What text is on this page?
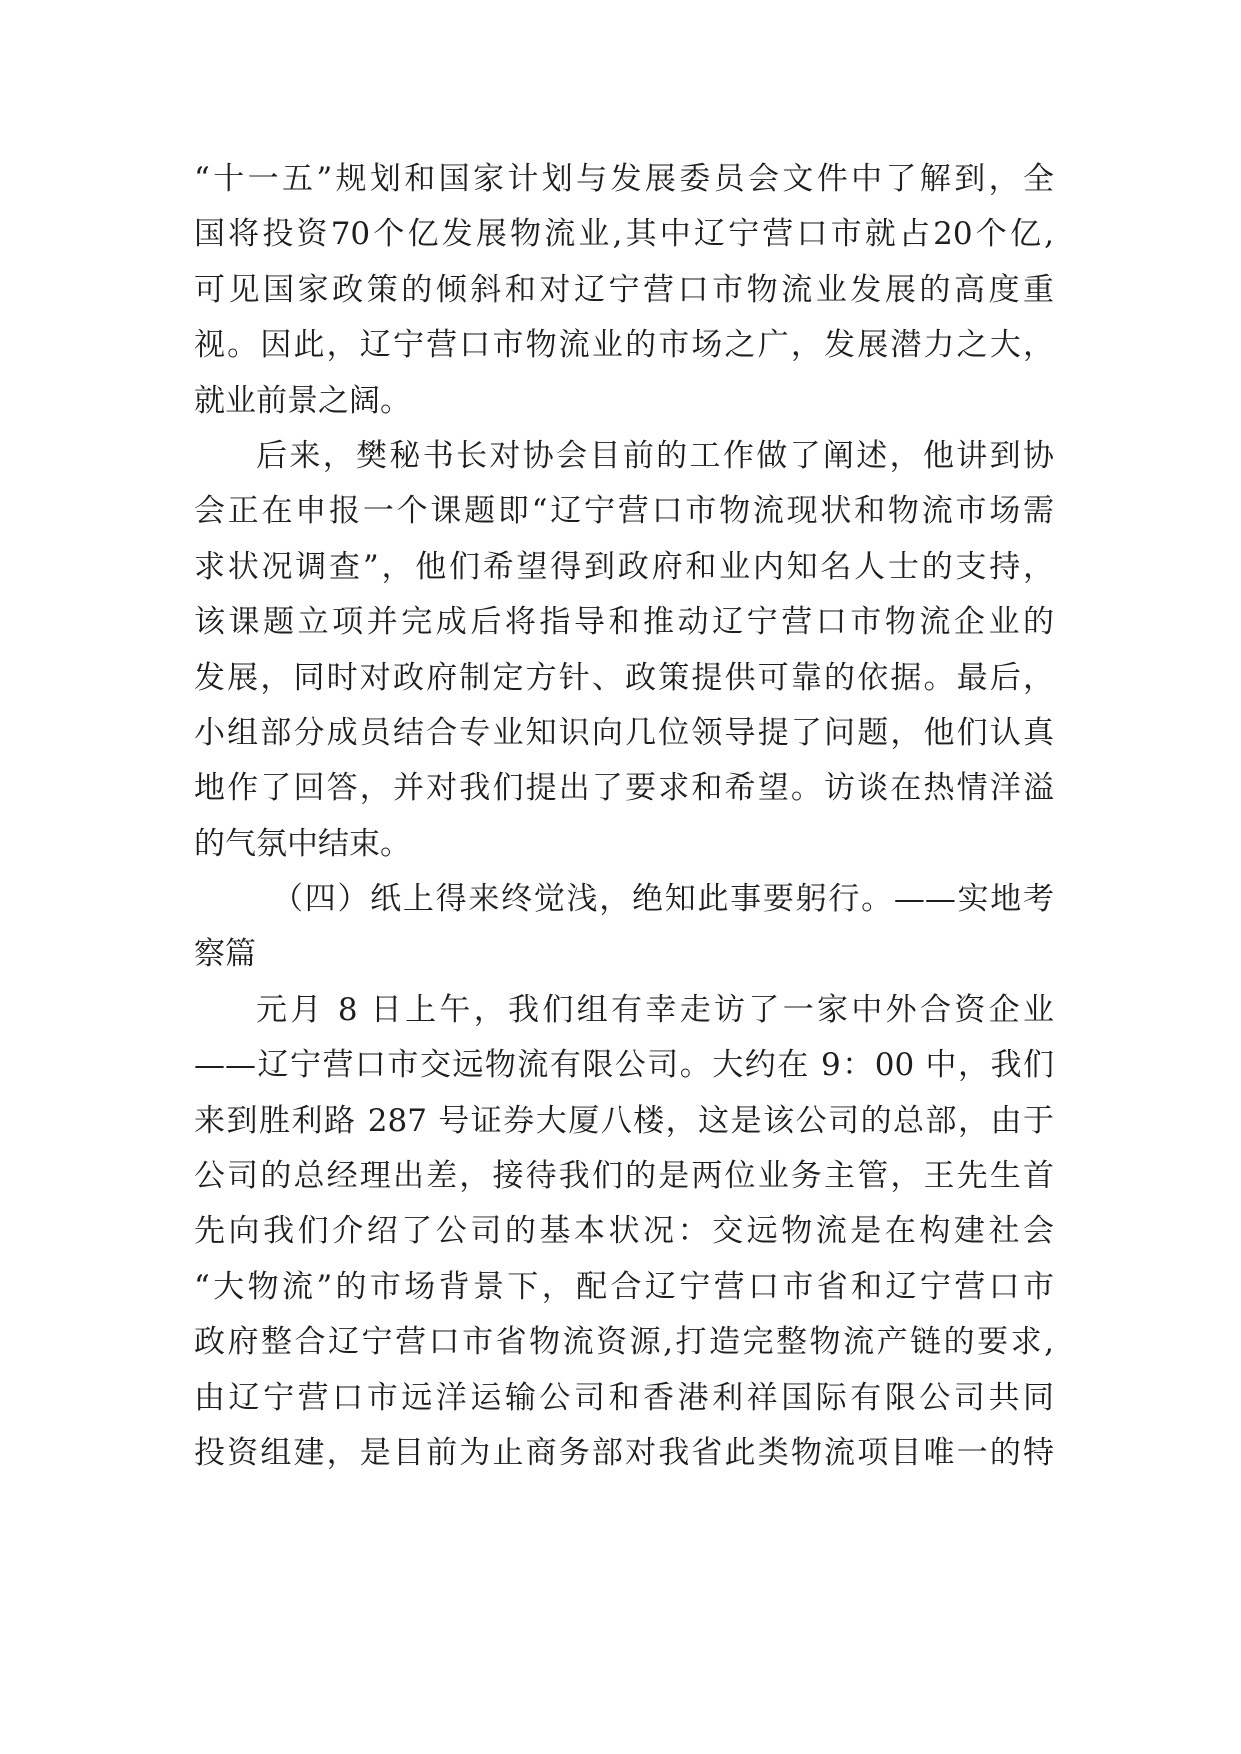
“十一五”规划和国家计划与发展委员会文件中了解到，全
国将投资70个亿发展物流业,其中辽宁营口市就占20个亿,
可见国家政策的倾斜和对辽宁营口市物流业发展的高度重
视。因此，辽宁营口市物流业的市场之广，发展潜力之大，
就业前景之阔。
后来，樊秘书长对协会目前的工作做了阐述，他讲到协
会正在申报一个课题即“辽宁营口市物流现状和物流市场需
求状况调查”，他们希望得到政府和业内知名人士的支持，
该课题立项并完成后将指导和推动辽宁营口市物流企业的
发展，同时对政府制定方针、政策提供可靠的依据。最后，
小组部分成员结合专业知识向几位领导提了问题，他们认真
地作了回答，并对我们提出了要求和希望。访谈在热情洋溢
的气氛中结束。
（四）纸上得来终觉浅，绝知此事要躬行。——实地考
察篇
元月 8 日上午，我们组有幸走访了一家中外合资企业
——辽宁营口市交远物流有限公司。大约在 9：00 中，我们
来到胜利路 287 号证券大厦八楼，这是该公司的总部，由于
公司的总经理出差，接待我们的是两位业务主管，王先生首
先向我们介绍了公司的基本状况：交远物流是在构建社会
“大物流”的市场背景下，配合辽宁营口市省和辽宁营口市
政府整合辽宁营口市省物流资源,打造完整物流产链的要求,
由辽宁营口市远洋运输公司和香港利祥国际有限公司共同
投资组建，是目前为止商务部对我省此类物流项目唯一的特
